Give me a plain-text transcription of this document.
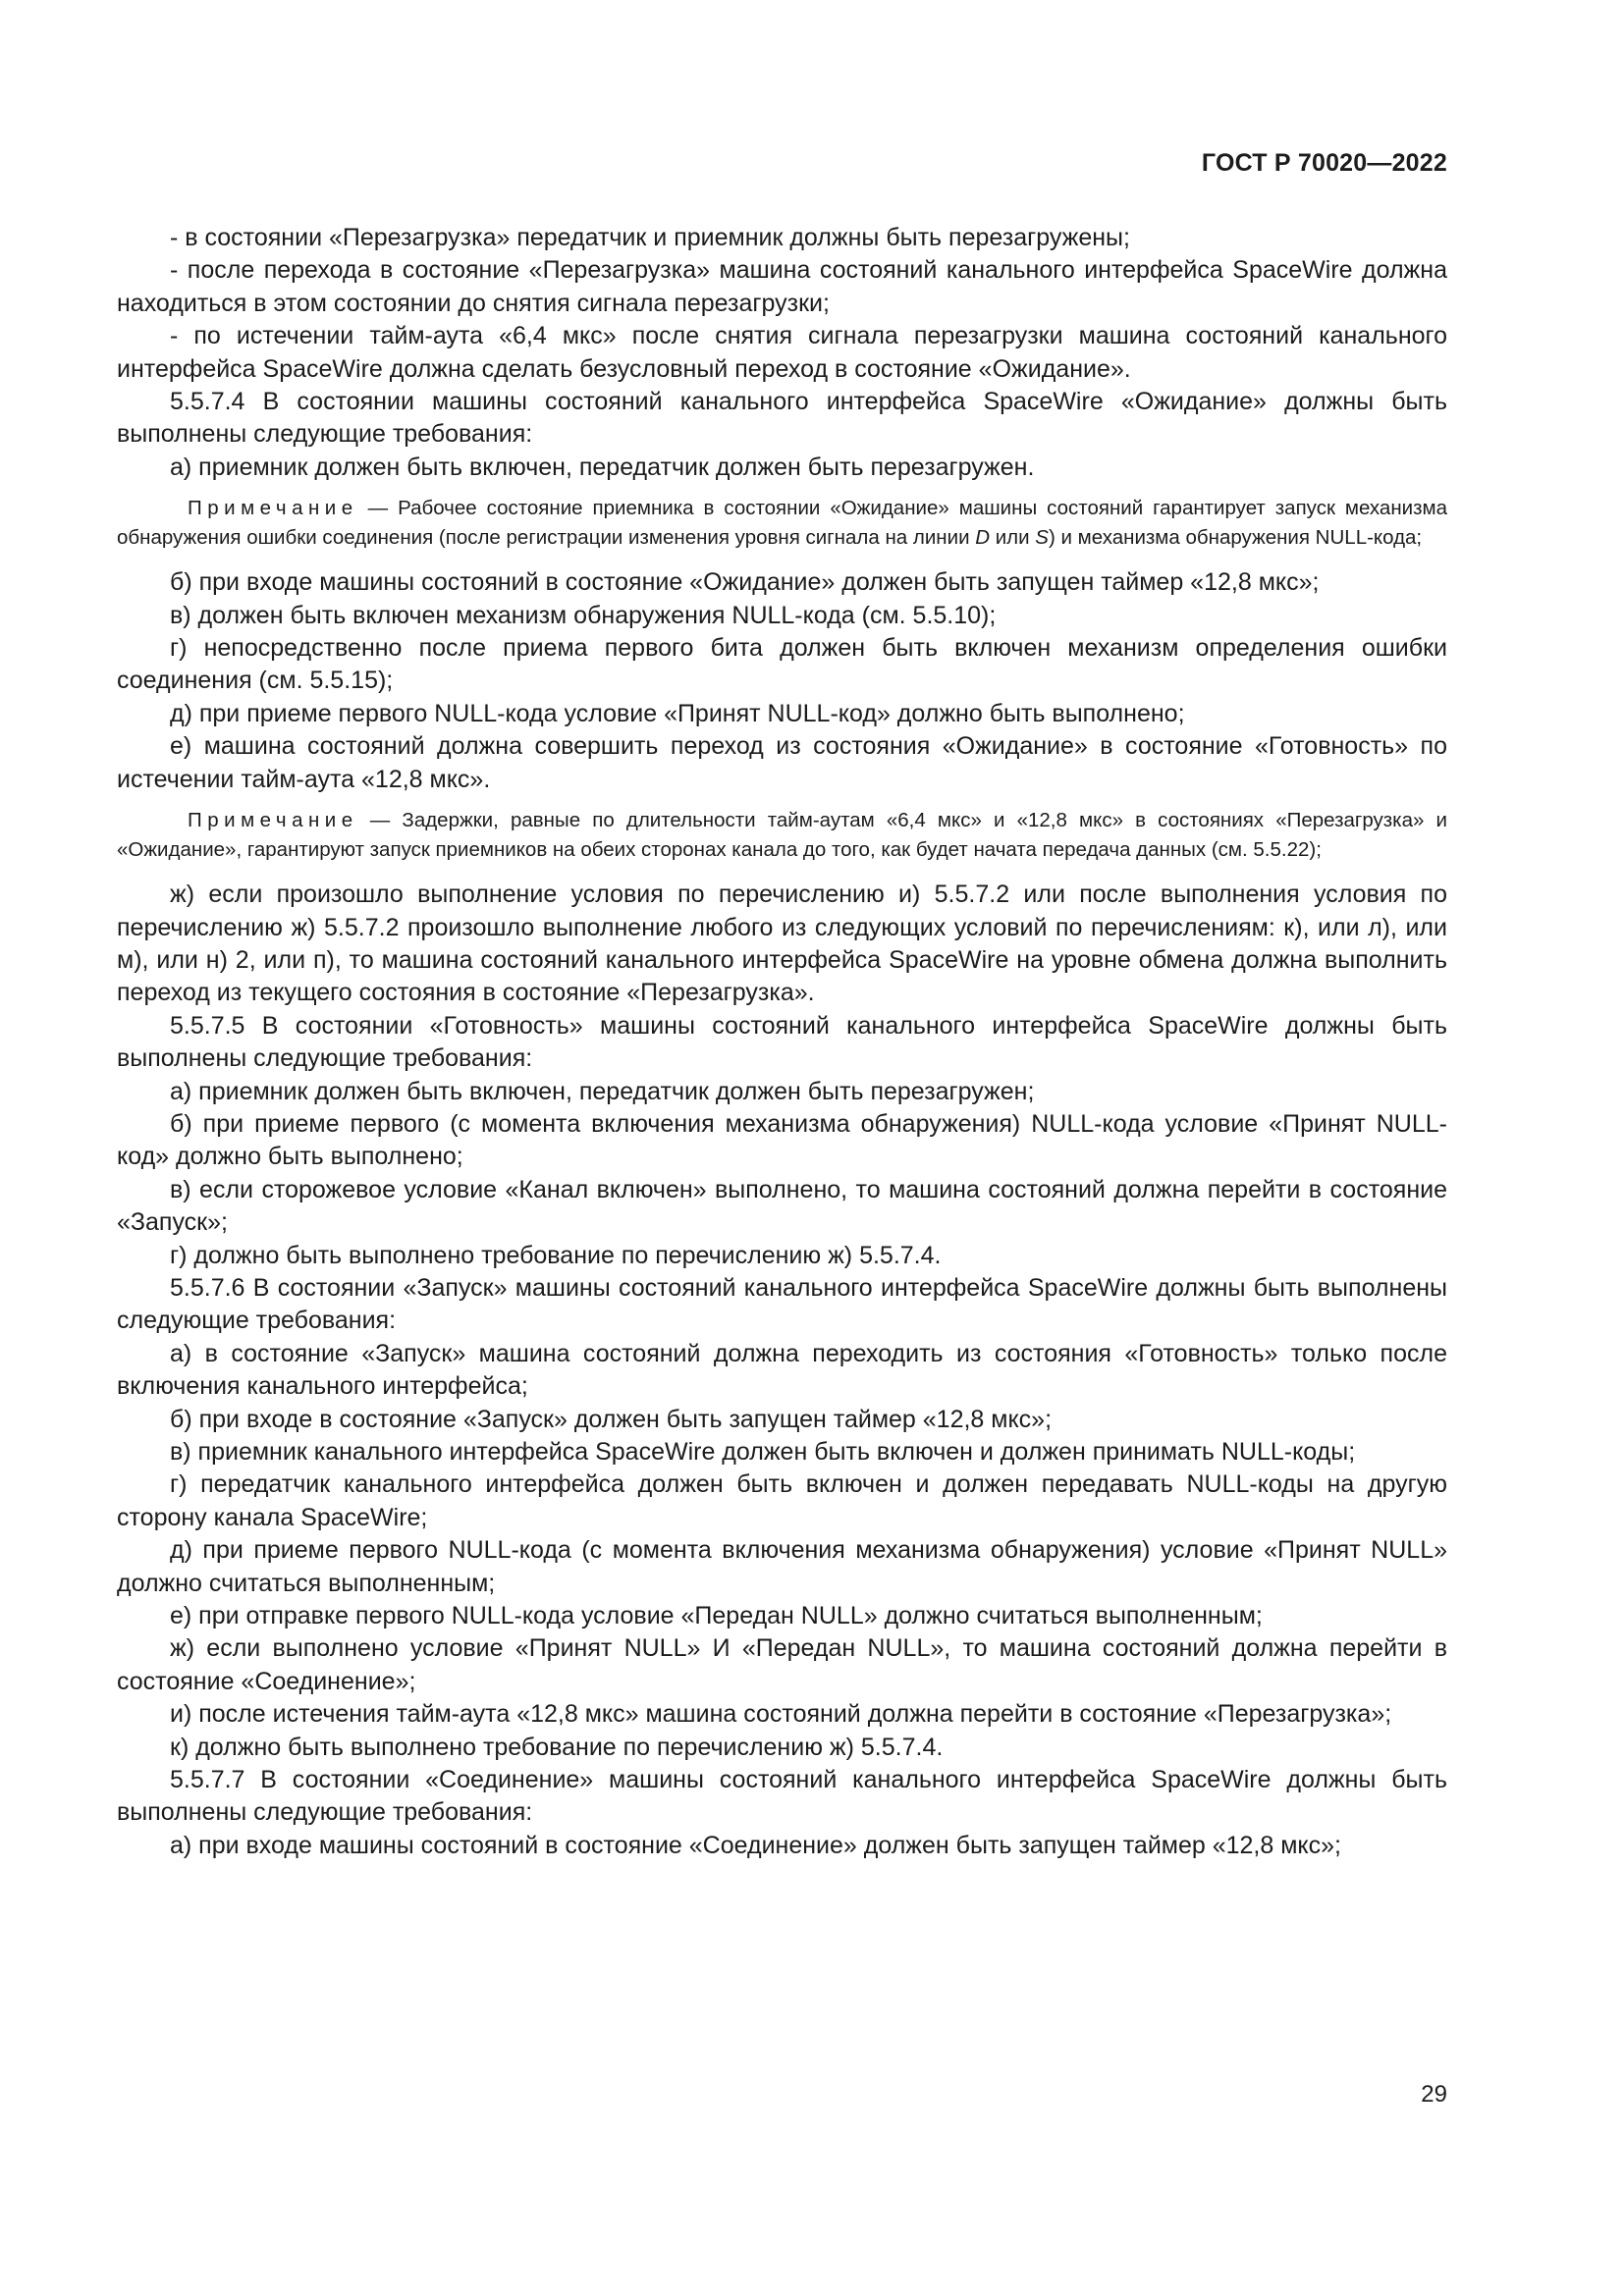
ГОСТ Р 70020—2022

- в состоянии «Перезагрузка» передатчик и приемник должны быть перезагружены;

- после перехода в состояние «Перезагрузка» машина состояний канального интерфейса SpaceWire должна находиться в этом состоянии до снятия сигнала перезагрузки;

- по истечении тайм-аута «6,4 мкс» после снятия сигнала перезагрузки машина состояний канального интерфейса SpaceWire должна сделать безусловный переход в состояние «Ожидание».

5.5.7.4 В состоянии машины состояний канального интерфейса SpaceWire «Ожидание» должны быть выполнены следующие требования:

а) приемник должен быть включен, передатчик должен быть перезагружен.

Примечание — Рабочее состояние приемника в состоянии «Ожидание» машины состояний гарантирует запуск механизма обнаружения ошибки соединения (после регистрации изменения уровня сигнала на линии D или S) и механизма обнаружения NULL-кода;

б) при входе машины состояний в состояние «Ожидание» должен быть запущен таймер «12,8 мкс»;

в) должен быть включен механизм обнаружения NULL-кода (см. 5.5.10);

г) непосредственно после приема первого бита должен быть включен механизм определения ошибки соединения (см. 5.5.15);

д) при приеме первого NULL-кода условие «Принят NULL-код» должно быть выполнено;

е) машина состояний должна совершить переход из состояния «Ожидание» в состояние «Готовность» по истечении тайм-аута «12,8 мкс».

Примечание — Задержки, равные по длительности тайм-аутам «6,4 мкс» и «12,8 мкс» в состояниях «Перезагрузка» и «Ожидание», гарантируют запуск приемников на обеих сторонах канала до того, как будет начата передача данных (см. 5.5.22);

ж) если произошло выполнение условия по перечислению и) 5.5.7.2 или после выполнения условия по перечислению ж) 5.5.7.2 произошло выполнение любого из следующих условий по перечислениям: к), или л), или м), или н) 2, или п), то машина состояний канального интерфейса SpaceWire на уровне обмена должна выполнить переход из текущего состояния в состояние «Перезагрузка».

5.5.7.5 В состоянии «Готовность» машины состояний канального интерфейса SpaceWire должны быть выполнены следующие требования:

а) приемник должен быть включен, передатчик должен быть перезагружен;

б) при приеме первого (с момента включения механизма обнаружения) NULL-кода условие «Принят NULL-код» должно быть выполнено;

в) если сторожевое условие «Канал включен» выполнено, то машина состояний должна перейти в состояние «Запуск»;

г) должно быть выполнено требование по перечислению ж) 5.5.7.4.

5.5.7.6 В состоянии «Запуск» машины состояний канального интерфейса SpaceWire должны быть выполнены следующие требования:

а) в состояние «Запуск» машина состояний должна переходить из состояния «Готовность» только после включения канального интерфейса;

б) при входе в состояние «Запуск» должен быть запущен таймер «12,8 мкс»;

в) приемник канального интерфейса SpaceWire должен быть включен и должен принимать NULL-коды;

г) передатчик канального интерфейса должен быть включен и должен передавать NULL-коды на другую сторону канала SpaceWire;

д) при приеме первого NULL-кода (с момента включения механизма обнаружения) условие «Принят NULL» должно считаться выполненным;

е) при отправке первого NULL-кода условие «Передан NULL» должно считаться выполненным;

ж) если выполнено условие «Принят NULL» И «Передан NULL», то машина состояний должна перейти в состояние «Соединение»;

и) после истечения тайм-аута «12,8 мкс» машина состояний должна перейти в состояние «Перезагрузка»;

к) должно быть выполнено требование по перечислению ж) 5.5.7.4.

5.5.7.7 В состоянии «Соединение» машины состояний канального интерфейса SpaceWire должны быть выполнены следующие требования:

а) при входе машины состояний в состояние «Соединение» должен быть запущен таймер «12,8 мкс»;

29
